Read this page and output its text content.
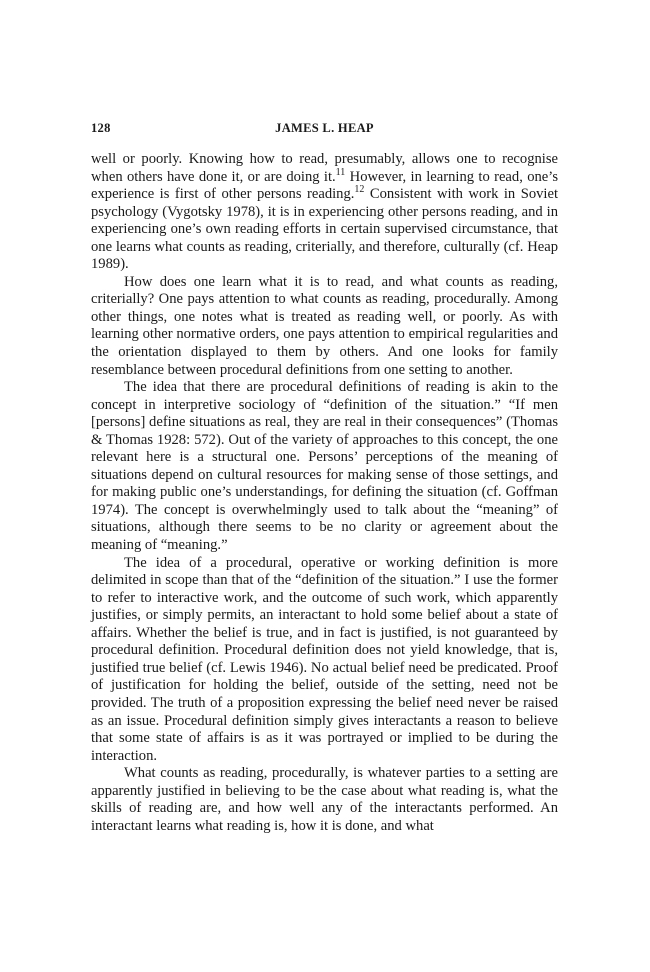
128	JAMES L. HEAP

well or poorly. Knowing how to read, presumably, allows one to recognise when others have done it, or are doing it.$^{11}$ However, in learning to read, one’s experience is first of other persons reading.$^{12}$ Consistent with work in Soviet psychology (Vygotsky 1978), it is in experiencing other persons reading, and in experiencing one’s own reading efforts in certain supervised circumstance, that one learns what counts as reading, criterially, and therefore, culturally (cf. Heap 1989).

How does one learn what it is to read, and what counts as reading, criterially? One pays attention to what counts as reading, procedurally. Among other things, one notes what is treated as reading well, or poorly. As with learning other normative orders, one pays attention to empirical regularities and the orientation displayed to them by others. And one looks for family resemblance between procedural definitions from one setting to another.

The idea that there are procedural definitions of reading is akin to the concept in interpretive sociology of “definition of the situation.” “If men [persons] define situations as real, they are real in their consequences” (Thomas & Thomas 1928: 572). Out of the variety of approaches to this concept, the one relevant here is a structural one. Persons’ perceptions of the meaning of situations depend on cultural resources for making sense of those settings, and for making public one’s understandings, for defining the situation (cf. Goffman 1974). The concept is overwhelmingly used to talk about the “meaning” of situations, although there seems to be no clarity or agreement about the meaning of “meaning.”

The idea of a procedural, operative or working definition is more delimited in scope than that of the “definition of the situation.” I use the former to refer to interactive work, and the outcome of such work, which apparently justifies, or simply permits, an interactant to hold some belief about a state of affairs. Whether the belief is true, and in fact is justified, is not guaranteed by procedural definition. Procedural definition does not yield knowledge, that is, justified true belief (cf. Lewis 1946). No actual belief need be predicated. Proof of justification for holding the belief, outside of the setting, need not be provided. The truth of a proposition expressing the belief need never be raised as an issue. Procedural definition simply gives interactants a reason to believe that some state of affairs is as it was portrayed or implied to be during the interaction.

What counts as reading, procedurally, is whatever parties to a setting are apparently justified in believing to be the case about what reading is, what the skills of reading are, and how well any of the interactants performed. An interactant learns what reading is, how it is done, and what
